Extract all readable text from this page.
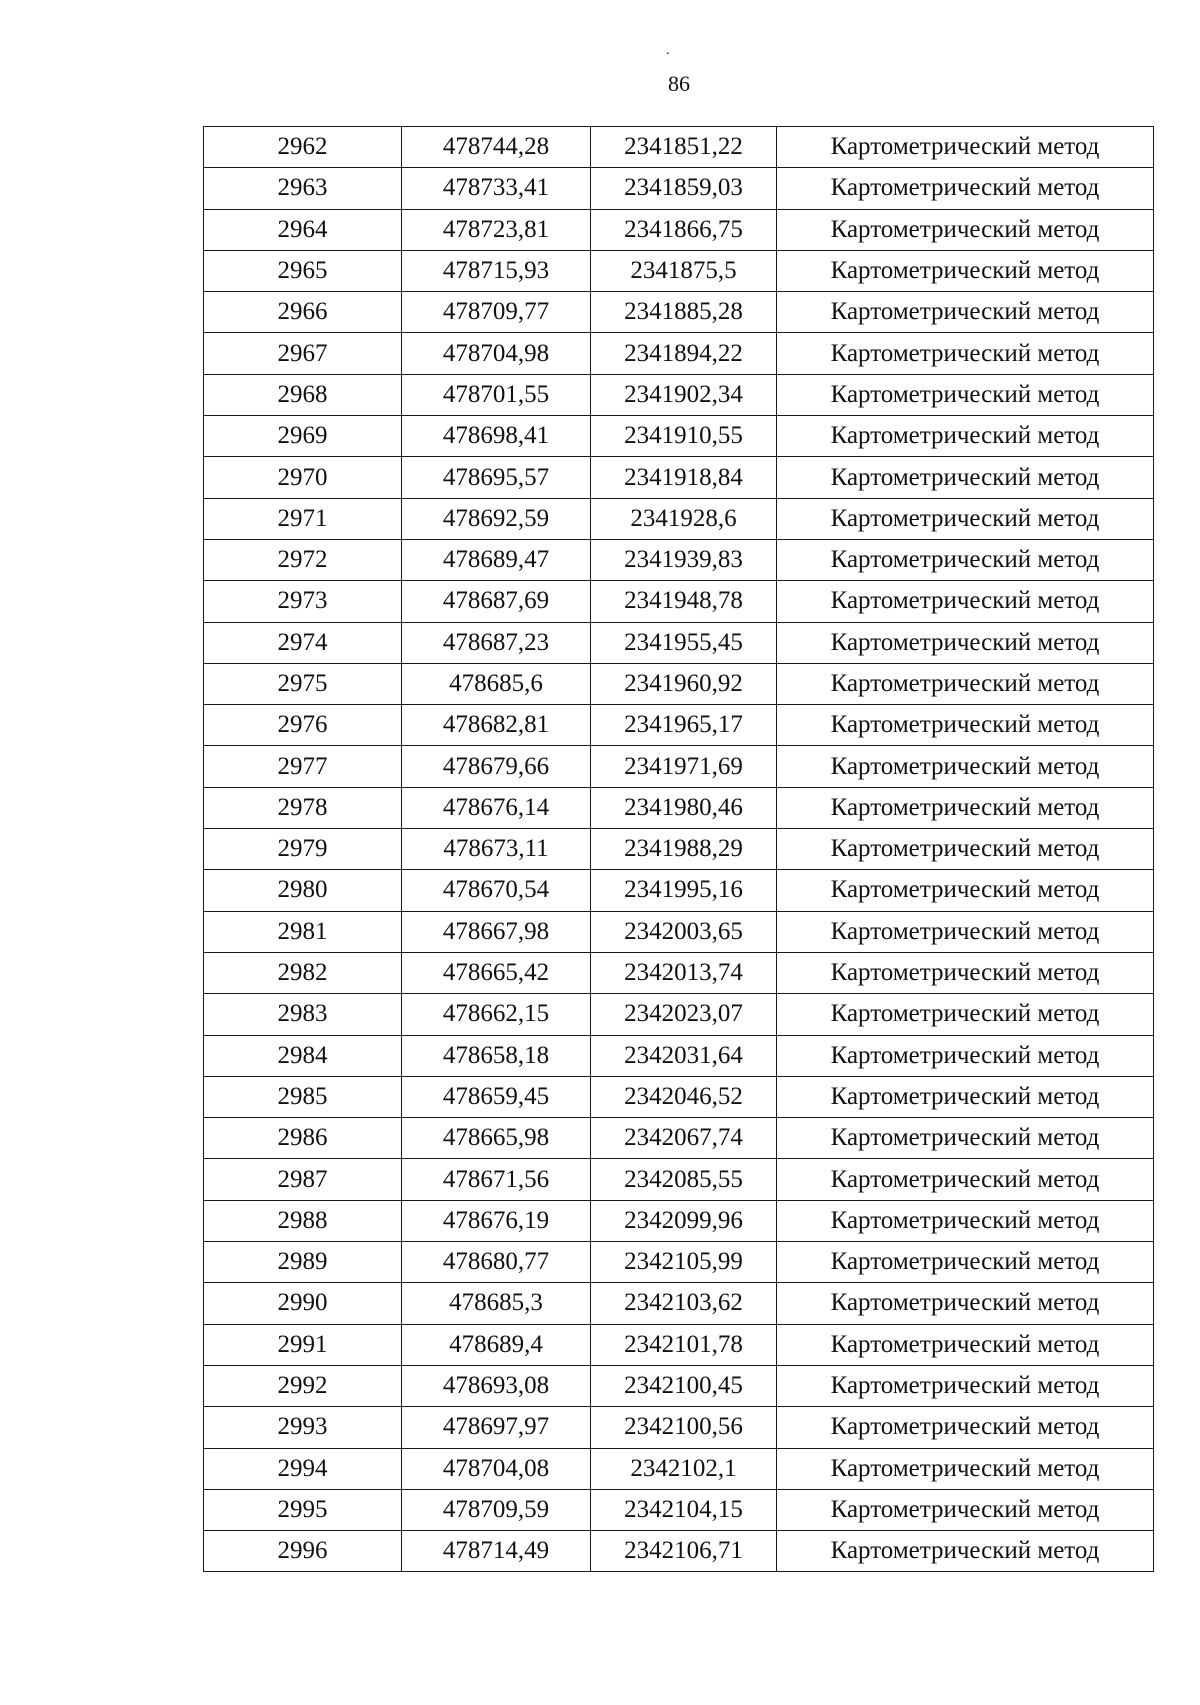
.
86
2962	478744,28	2341851,22	Картометрический метод
2963	478733,41	2341859,03	Картометрический метод
2964	478723,81	2341866,75	Картометрический метод
2965	478715,93	2341875,5	Картометрический метод
2966	478709,77	2341885,28	Картометрический метод
2967	478704,98	2341894,22	Картометрический метод
2968	478701,55	2341902,34	Картометрический метод
2969	478698,41	2341910,55	Картометрический метод
2970	478695,57	2341918,84	Картометрический метод
2971	478692,59	2341928,6	Картометрический метод
2972	478689,47	2341939,83	Картометрический метод
2973	478687,69	2341948,78	Картометрический метод
2974	478687,23	2341955,45	Картометрический метод
2975	478685,6	2341960,92	Картометрический метод
2976	478682,81	2341965,17	Картометрический метод
2977	478679,66	2341971,69	Картометрический метод
2978	478676,14	2341980,46	Картометрический метод
2979	478673,11	2341988,29	Картометрический метод
2980	478670,54	2341995,16	Картометрический метод
2981	478667,98	2342003,65	Картометрический метод
2982	478665,42	2342013,74	Картометрический метод
2983	478662,15	2342023,07	Картометрический метод
2984	478658,18	2342031,64	Картометрический метод
2985	478659,45	2342046,52	Картометрический метод
2986	478665,98	2342067,74	Картометрический метод
2987	478671,56	2342085,55	Картометрический метод
2988	478676,19	2342099,96	Картометрический метод
2989	478680,77	2342105,99	Картометрический метод
2990	478685,3	2342103,62	Картометрический метод
2991	478689,4	2342101,78	Картометрический метод
2992	478693,08	2342100,45	Картометрический метод
2993	478697,97	2342100,56	Картометрический метод
2994	478704,08	2342102,1	Картометрический метод
2995	478709,59	2342104,15	Картометрический метод
2996	478714,49	2342106,71	Картометрический метод
